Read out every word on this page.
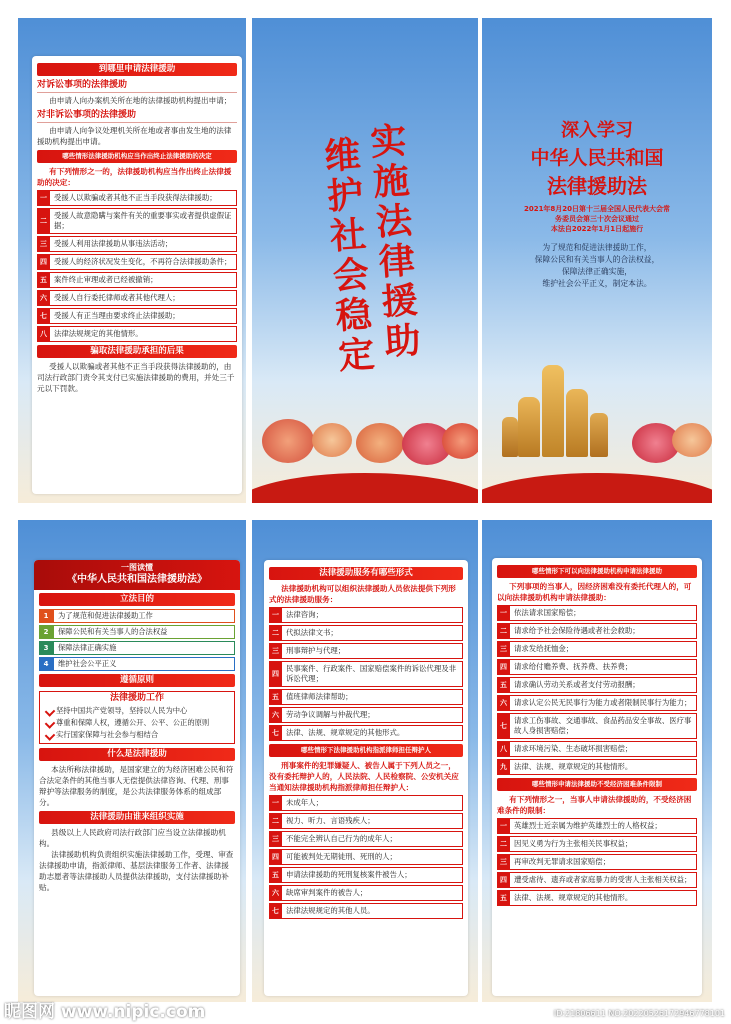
到哪里申请法律援助
对诉讼事项的法律援助
由申请人向办案机关所在地的法律援助机构提出申请；
对非诉讼事项的法律援助
由申请人向争议处理机关所在地或者事由发生地的法律援助机构提出申请。
哪些情形法律援助机构应当作出终止法律援助的决定
有下列情形之一的，法律援助机构应当作出终止法律援助的决定：
一 受援人以欺骗或者其他不正当手段获得法律援助；
二
受援人故意隐瞒与案件有关的重要事实或者提供虚假证据；
三 受援人利用法律援助从事违法活动；
四 受援人的经济状况发生变化，不再符合法律援助条件；
五 案件终止审理或者已经被撤销；
六 受援人自行委托律师或者其他代理人；
七 受援人有正当理由要求终止法律援助；
八 法律法规规定的其他情形。
骗取法律援助承担的后果
受援人以欺骗或者其他不正当手段获得法律援助的，由司法行政部门责令其支付已实施法律援助的费用，并处三千元以下罚款。
实施法律援助
维护社会稳定
深入学习
中华人民共和国
法律援助法
2021年8月20日第十三届全国人民代表大会常
务委员会第三十次会议通过
本法自2022年1月1日起施行
为了规范和促进法律援助工作，
保障公民和有关当事人的合法权益，
保障法律正确实施，
维护社会公平正义，制定本法。
一图读懂
《中华人民共和国法律援助法》
立法目的
1	为了规范和促进法律援助工作
2	保障公民和有关当事人的合法权益
3	保障法律正确实施
4	维护社会公平正义
遵循原则
法律援助工作
坚持中国共产党领导，坚持以人民为中心
尊重和保障人权，遵循公开、公平、公正的原则
实行国家保障与社会参与相结合
什么是法律援助
本法所称法律援助，是国家建立的为经济困难公民和符合法定条件的其他当事人无偿提供法律咨询、代理、刑事辩护等法律服务的制度，是公共法律服务体系的组成部分。
法律援助由谁来组织实施
县级以上人民政府司法行政部门应当设立法律援助机构。
法律援助机构负责组织实施法律援助工作，受理、审查法律援助申请，指派律师、基层法律服务工作者、法律援助志愿者等法律援助人员提供法律援助，支付法律援助补贴。
法律援助服务有哪些形式
法律援助机构可以组织法律援助人员依法提供下列形式的法律援助服务：
一 法律咨询；
二 代拟法律文书；
三 刑事辩护与代理；
四
民事案件、行政案件、国家赔偿案件的诉讼代理及非诉讼代理；
五 值班律师法律帮助；
六 劳动争议调解与仲裁代理；
七 法律、法规、规章规定的其他形式。
哪些情形下法律援助机构指派律师担任辩护人
刑事案件的犯罪嫌疑人、被告人属于下列人员之一，没有委托辩护人的，人民法院、人民检察院、公安机关应当通知法律援助机构指派律师担任辩护人：
一 未成年人；
二 视力、听力、言语残疾人；
三 不能完全辨认自己行为的成年人；
四 可能被判处无期徒刑、死刑的人；
五 申请法律援助的死刑复核案件被告人；
六 缺席审判案件的被告人；
七 法律法规规定的其他人员。
哪些情形下可以向法律援助机构申请法律援助
下列事项的当事人，因经济困难没有委托代理人的，可以向法律援助机构申请法律援助：
一 依法请求国家赔偿；
二 请求给予社会保险待遇或者社会救助；
三 请求发给抚恤金；
四 请求给付赡养费、抚养费、扶养费；
五 请求确认劳动关系或者支付劳动报酬；
六 请求认定公民无民事行为能力或者限制民事行为能力；
七
请求工伤事故、交通事故、食品药品安全事故、医疗事故人身损害赔偿；
八 请求环境污染、生态破坏损害赔偿；
九 法律、法规、规章规定的其他情形。
哪些情形申请法律援助不受经济困难条件限制
有下列情形之一，当事人申请法律援助的，不受经济困难条件的限制：
一 英雄烈士近亲属为维护英雄烈士的人格权益；
二 因见义勇为行为主张相关民事权益；
三 再审改判无罪请求国家赔偿；
四 遭受虐待、遗弃或者家庭暴力的受害人主张相关权益；
五 法律、法规、规章规定的其他情形。
昵图网 www.nipic.com	ID:21806611 NO:20220526172946778101
